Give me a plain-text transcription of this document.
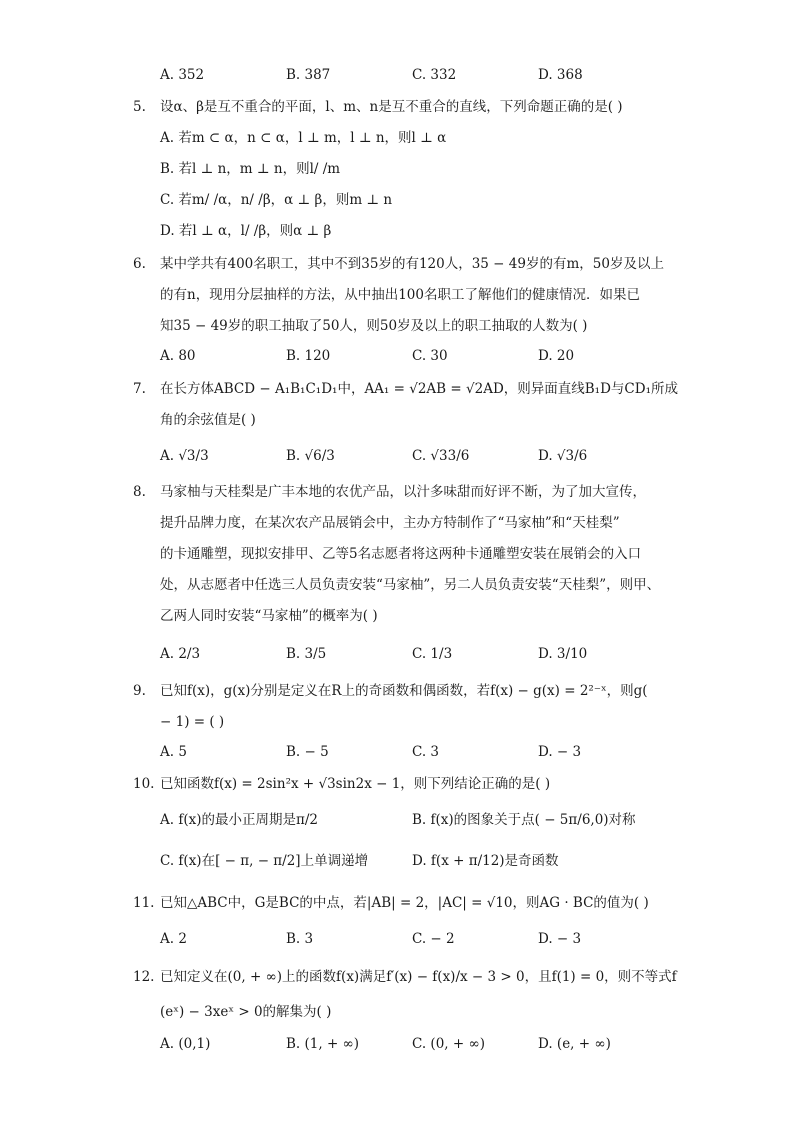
A. 352	B. 387	C. 332	D. 368
5. 设α、β是互不重合的平面，l、m、n是互不重合的直线，下列命题正确的是( )
A. 若m ⊂ α，n ⊂ α，l ⊥ m，l ⊥ n，则l ⊥ α
B. 若l ⊥ n，m ⊥ n，则l/ /m
C. 若m/ /α，n/ /β，α ⊥ β，则m ⊥ n
D. 若l ⊥ α，l/ /β，则α ⊥ β
6. 某中学共有400名职工，其中不到35岁的有120人，35 − 49岁的有m，50岁及以上
的有n，现用分层抽样的方法，从中抽出100名职工了解他们的健康情况．如果已
知35 − 49岁的职工抽取了50人，则50岁及以上的职工抽取的人数为( )
A. 80	B. 120	C. 30	D. 20
7. 在长方体ABCD − A₁B₁C₁D₁中，AA₁ = √2AB = √2AD，则异面直线B₁D与CD₁所成
角的余弦值是( )
A. √3/3	B. √6/3	C. √33/6	D. √3/6
8. 马家柚与天桂梨是广丰本地的农优产品，以汁多味甜而好评不断，为了加大宣传，
提升品牌力度，在某次农产品展销会中，主办方特制作了“马家柚”和“天桂梨”
的卡通雕塑，现拟安排甲、乙等5名志愿者将这两种卡通雕塑安装在展销会的入口
处，从志愿者中任选三人员负责安装“马家柚”，另二人员负责安装“天桂梨”，则甲、
乙两人同时安装“马家柚”的概率为( )
A. 2/3	B. 3/5	C. 1/3	D. 3/10
9. 已知f(x)，g(x)分别是定义在R上的奇函数和偶函数，若f(x) − g(x) = 2²⁻ˣ，则g(
− 1) = ( )
A. 5	B. − 5	C. 3	D. − 3
10. 已知函数f(x) = 2sin²x + √3sin2x − 1，则下列结论正确的是( )
A. f(x)的最小正周期是π/2	B. f(x)的图象关于点( − 5π/6,0)对称
C. f(x)在[ − π, − π/2]上单调递增	D. f(x + π/12)是奇函数
11. 已知△ABC中，G是BC的中点，若|AB| = 2，|AC| = √10，则AG · BC的值为( )
A. 2	B. 3	C. − 2	D. − 3
12. 已知定义在(0, + ∞)上的函数f(x)满足f′(x) − f(x)/x − 3 > 0，且f(1) = 0，则不等式f
(eˣ) − 3xeˣ > 0的解集为( )
A. (0,1)	B. (1, + ∞)	C. (0, + ∞)	D. (e, + ∞)
